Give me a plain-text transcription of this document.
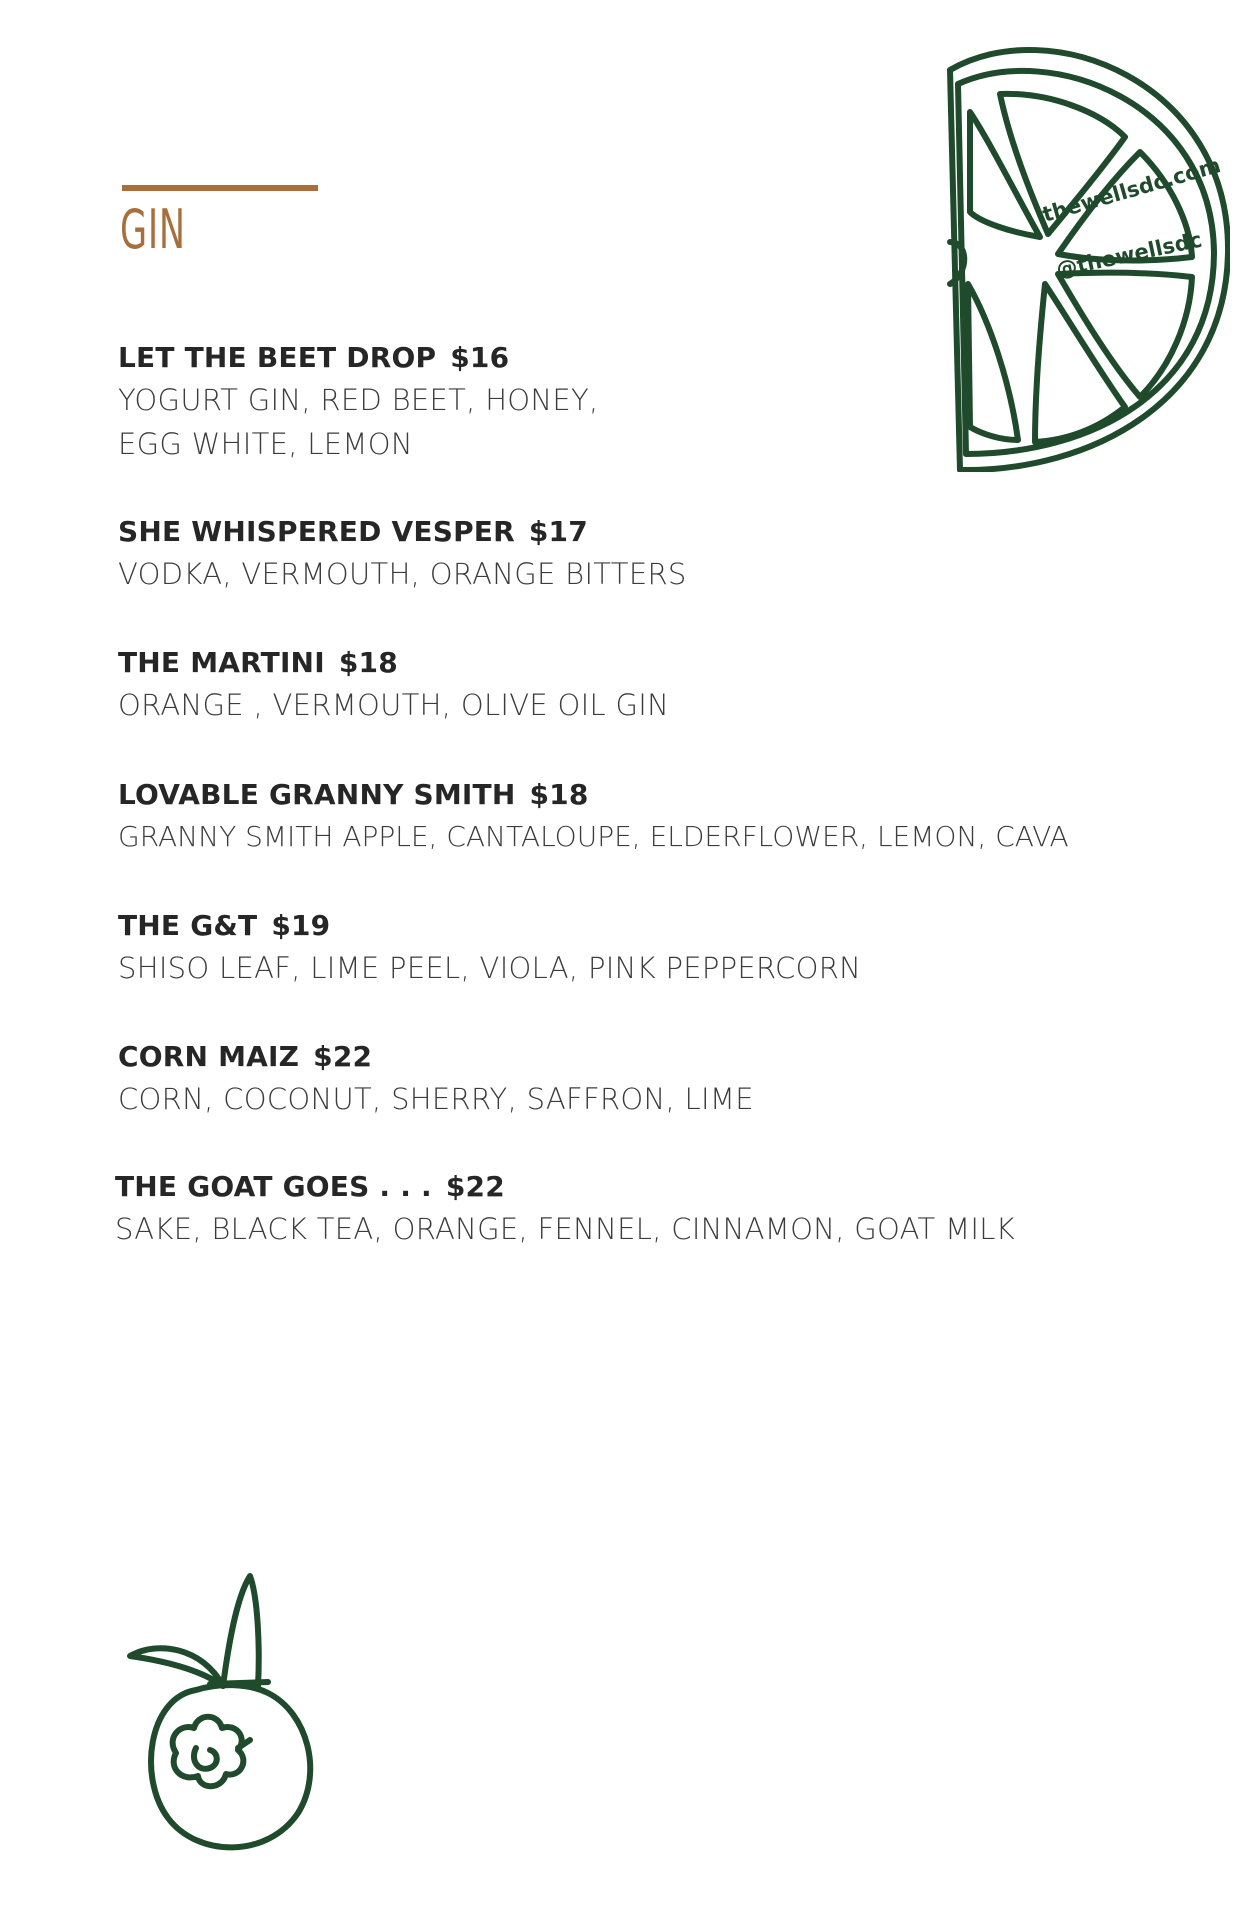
GIN
thewellsdc.com
@thewellsdc
LET THE BEET DROP $16
YOGURT GIN, RED BEET, HONEY,
EGG WHITE, LEMON
SHE WHISPERED VESPER $17
VODKA, VERMOUTH, ORANGE BITTERS
THE MARTINI $18
ORANGE , VERMOUTH, OLIVE OIL GIN
LOVABLE GRANNY SMITH $18
GRANNY SMITH APPLE, CANTALOUPE, ELDERFLOWER, LEMON, CAVA
THE G&T $19
SHISO LEAF, LIME PEEL, VIOLA, PINK PEPPERCORN
CORN MAIZ $22
CORN, COCONUT, SHERRY, SAFFRON, LIME
THE GOAT GOES . . . $22
SAKE, BLACK TEA, ORANGE, FENNEL, CINNAMON, GOAT MILK
